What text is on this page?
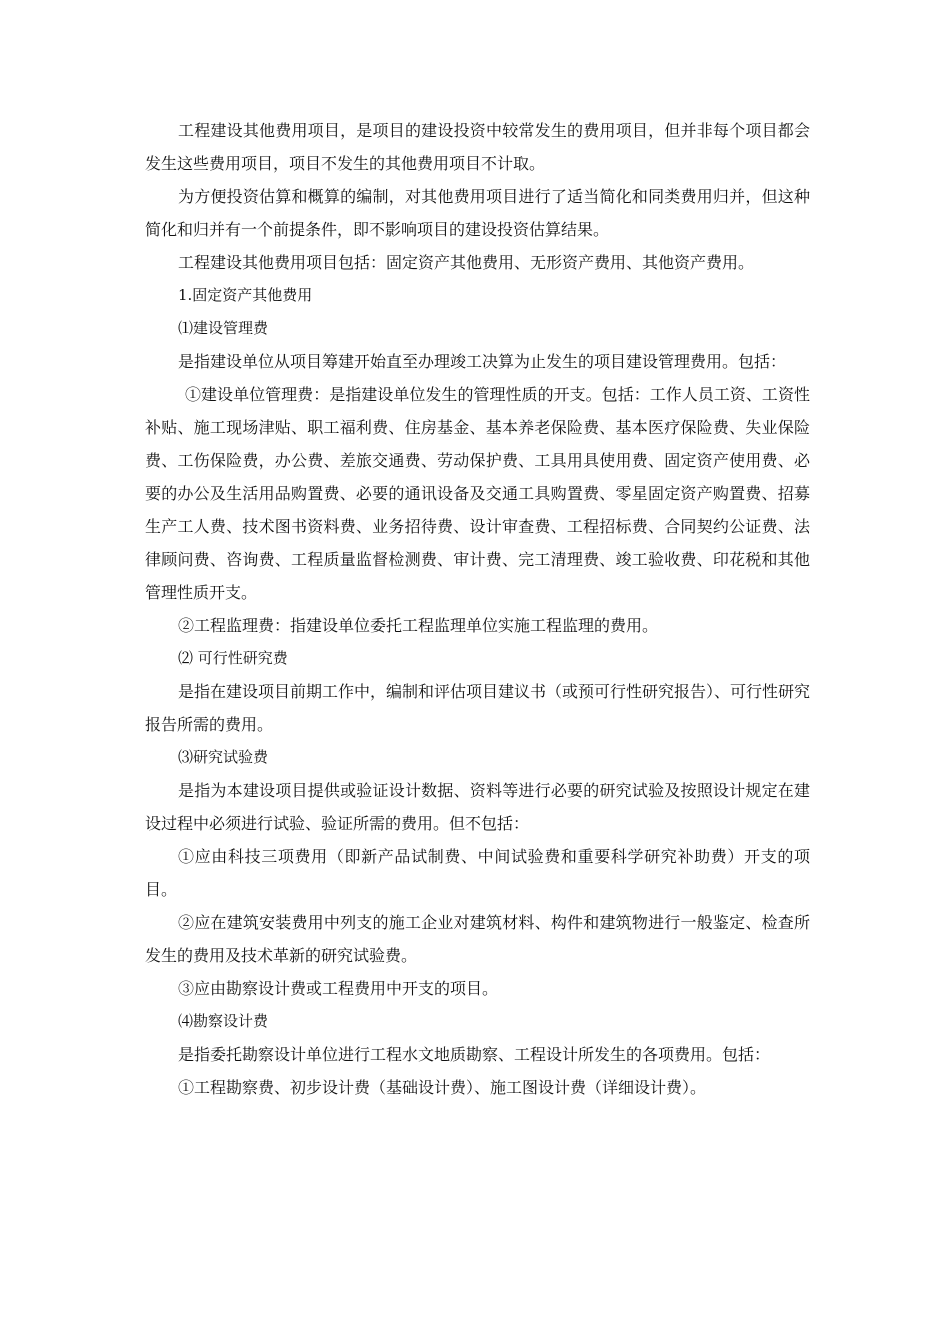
工程建设其他费用项目，是项目的建设投资中较常发生的费用项目，但并非每个项目都会发生这些费用项目，项目不发生的其他费用项目不计取。

为方便投资估算和概算的编制，对其他费用项目进行了适当简化和同类费用归并，但这种简化和归并有一个前提条件，即不影响项目的建设投资估算结果。

工程建设其他费用项目包括：固定资产其他费用、无形资产费用、其他资产费用。

1.固定资产其他费用

⑴建设管理费

是指建设单位从项目筹建开始直至办理竣工决算为止发生的项目建设管理费用。包括：

①建设单位管理费：是指建设单位发生的管理性质的开支。包括：工作人员工资、工资性补贴、施工现场津贴、职工福利费、住房基金、基本养老保险费、基本医疗保险费、失业保险费、工伤保险费，办公费、差旅交通费、劳动保护费、工具用具使用费、固定资产使用费、必要的办公及生活用品购置费、必要的通讯设备及交通工具购置费、零星固定资产购置费、招募生产工人费、技术图书资料费、业务招待费、设计审查费、工程招标费、合同契约公证费、法律顾问费、咨询费、工程质量监督检测费、审计费、完工清理费、竣工验收费、印花税和其他管理性质开支。

②工程监理费：指建设单位委托工程监理单位实施工程监理的费用。

⑵ 可行性研究费

是指在建设项目前期工作中，编制和评估项目建议书（或预可行性研究报告）、可行性研究报告所需的费用。

⑶研究试验费

是指为本建设项目提供或验证设计数据、资料等进行必要的研究试验及按照设计规定在建设过程中必须进行试验、验证所需的费用。但不包括：

①应由科技三项费用（即新产品试制费、中间试验费和重要科学研究补助费）开支的项目。

②应在建筑安装费用中列支的施工企业对建筑材料、构件和建筑物进行一般鉴定、检查所发生的费用及技术革新的研究试验费。

③应由勘察设计费或工程费用中开支的项目。

⑷勘察设计费

是指委托勘察设计单位进行工程水文地质勘察、工程设计所发生的各项费用。包括：

①工程勘察费、初步设计费（基础设计费）、施工图设计费（详细设计费）。
